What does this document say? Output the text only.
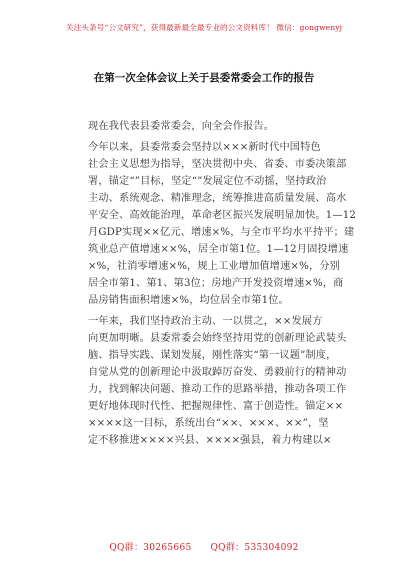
关注头条号“公文研究”，获得最新最全最专业的公文资料库！ 微信：gongwenyj
在第一次全体会议上关于县委常委会工作的报告
现在我代表县委常委会，向全会作报告。
今年以来，县委常委会坚持以×××新时代中国特色
社会主义思想为指导，坚决贯彻中央、省委、市委决策部
署，锚定“”目标，坚定“”发展定位不动摇，坚持政治
主动、系统观念、精准理念，统筹推进高质量发展、高水
平安全、高效能治理，革命老区振兴发展明显加快。1—12
月GDP实现××亿元、增速×%，与全市平均水平持平；建
筑业总产值增速××%，居全市第1位。1—12月固投增速
×%，社消零增速×%，规上工业增加值增速×%，分别
居全市第1、第1、第3位；房地产开发投资增速×%，商
品房销售面积增速×%，均位居全市第1位。
一年来，我们坚持政治主动、一以贯之，××发展方
向更加明晰。县委常委会始终坚持用党的创新理论武装头
脑、指导实践、谋划发展，刚性落实“第一议题”制度，
自觉从党的创新理论中汲取踔厉奋发、勇毅前行的精神动
力，找到解决问题、推动工作的思路举措，推动各项工作
更好地体现时代性、把握规律性、富于创造性。锚定××
××××这一目标，系统出台“××、×××、××”，坚
定不移推进××××兴县、××××强县，着力构建以×
QQ群：30265665 QQ群：535304092
